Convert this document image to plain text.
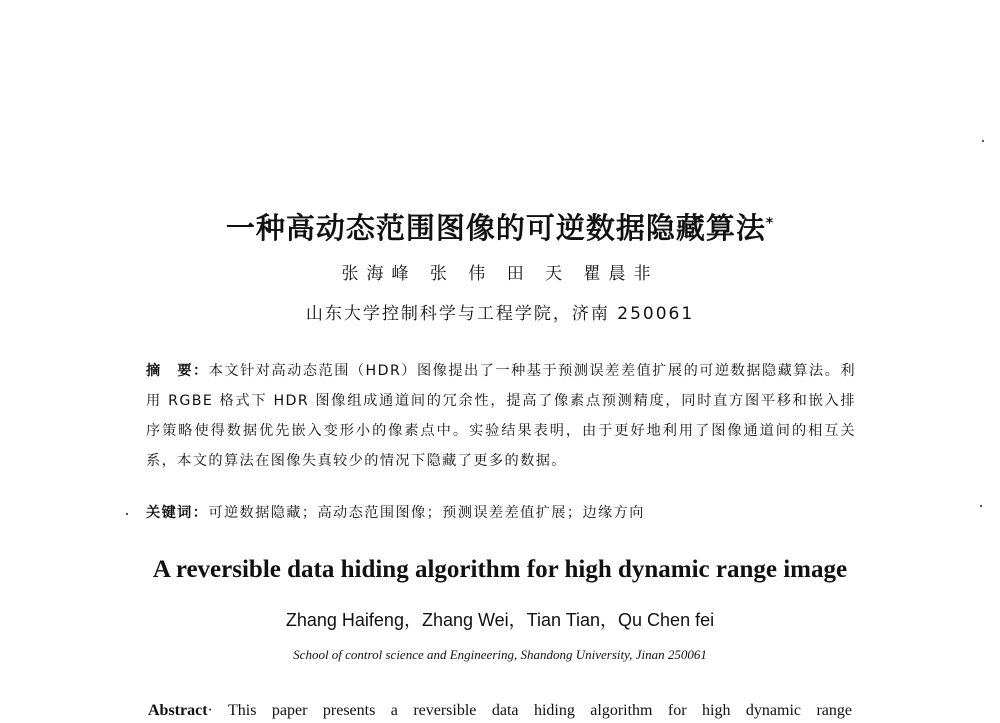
一种高动态范围图像的可逆数据隐藏算法*
张海峰 张 伟 田 天 瞿晨非
山东大学控制科学与工程学院，济南 250061
摘　要：本文针对高动态范围（HDR）图像提出了一种基于预测误差差值扩展的可逆数据隐藏算法。利用 RGBE 格式下 HDR 图像组成通道间的冗余性，提高了像素点预测精度，同时直方图平移和嵌入排序策略使得数据优先嵌入变形小的像素点中。实验结果表明，由于更好地利用了图像通道间的相互关系，本文的算法在图像失真较少的情况下隐藏了更多的数据。
关键词：可逆数据隐藏；高动态范围图像；预测误差差值扩展；边缘方向
A reversible data hiding algorithm for high dynamic range image
Zhang Haifeng，Zhang Wei，Tian Tian，Qu Chen fei
School of control science and Engineering, Shandong University, Jinan 250061
Abstract· This paper presents a reversible data hiding algorithm for high dynamic range
